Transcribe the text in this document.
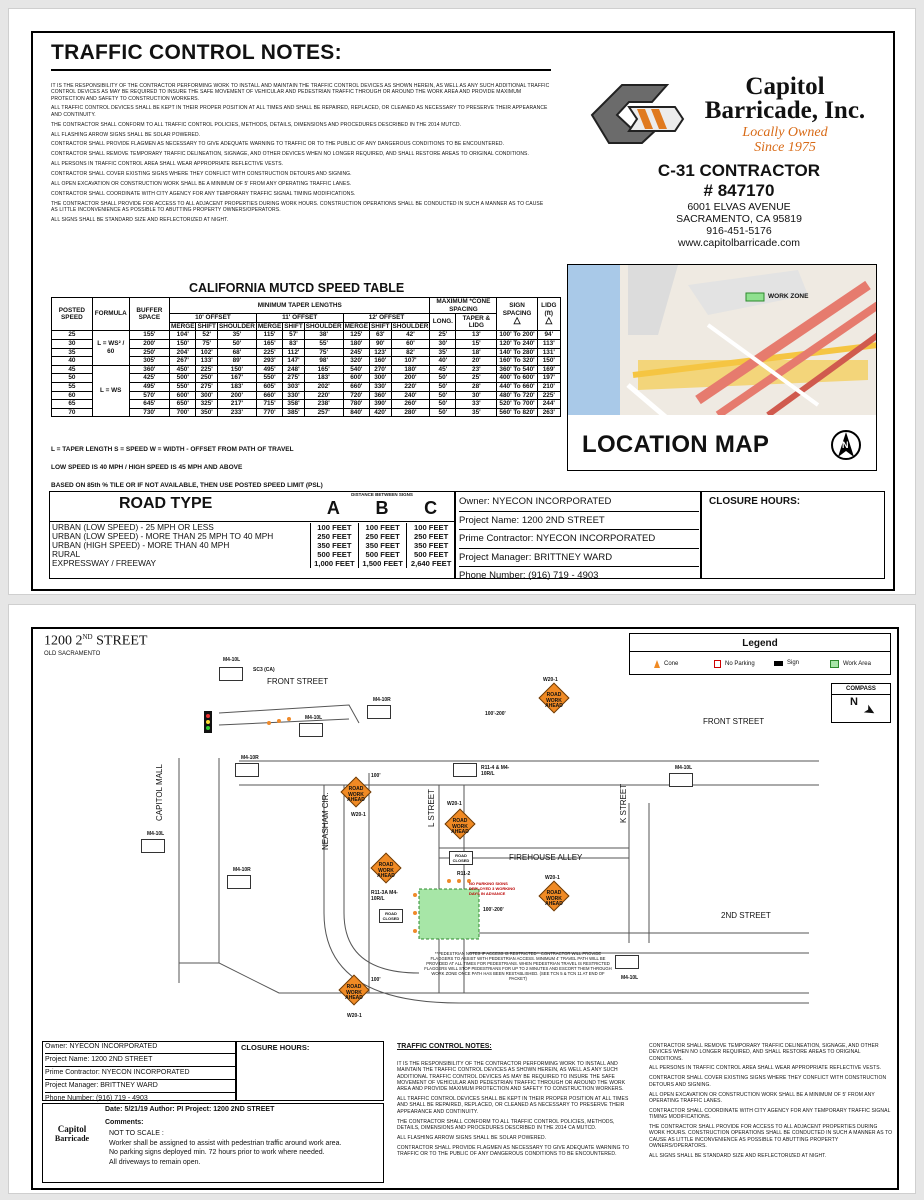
TRAFFIC CONTROL NOTES:
IT IS THE RESPONSIBILITY OF THE CONTRACTOR PERFORMING WORK TO INSTALL AND MAINTAIN THE TRAFFIC CONTROL DEVICES AS SHOWN HEREIN, AS WELL AS ANY SUCH ADDITIONAL TRAFFIC CONTROL DEVICES AS MAY BE REQUIRED TO INSURE THE SAFE MOVEMENT OF VEHICULAR AND PEDESTRIAN TRAFFIC THROUGH OR AROUND THE WORK AREA AND PROVIDE MAXIMUM PROTECTION AND SAFETY TO CONSTRUCTION WORKERS.
ALL TRAFFIC CONTROL DEVICES SHALL BE KEPT IN THEIR PROPER POSITION AT ALL TIMES AND SHALL BE REPAIRED, REPLACED, OR CLEANED AS NECESSARY TO PRESERVE THEIR APPEARANCE AND CONTINUITY.
THE CONTRACTOR SHALL CONFORM TO ALL TRAFFIC CONTROL POLICIES, METHODS, DETAILS, DIMENSIONS AND PROCEDURES DESCRIBED IN THE 2014 MUTCD.
ALL FLASHING ARROW SIGNS SHALL BE SOLAR POWERED.
CONTRACTOR SHALL PROVIDE FLAGMEN AS NECESSARY TO GIVE ADEQUATE WARNING TO TRAFFIC OR TO THE PUBLIC OF ANY DANGEROUS CONDITIONS TO BE ENCOUNTERED.
CONTRACTOR SHALL REMOVE TEMPORARY TRAFFIC DELINEATION, SIGNAGE, AND OTHER DEVICES WHEN NO LONGER REQUIRED, AND SHALL RESTORE AREAS TO ORIGINAL CONDITIONS.
ALL PERSONS IN TRAFFIC CONTROL AREA SHALL WEAR APPROPRIATE REFLECTIVE VESTS.
CONTRACTOR SHALL COVER EXISTING SIGNS WHERE THEY CONFLICT WITH CONSTRUCTION DETOURS AND SIGNING.
ALL OPEN EXCAVATION OR CONSTRUCTION WORK SHALL BE A MINIMUM OF 5' FROM ANY OPERATING TRAFFIC LANES.
CONTRACTOR SHALL COORDINATE WITH CITY AGENCY FOR ANY TEMPORARY TRAFFIC SIGNAL TIMING MODIFICATIONS.
THE CONTRACTOR SHALL PROVIDE FOR ACCESS TO ALL ADJACENT PROPERTIES DURING WORK HOURS. CONSTRUCTION OPERATIONS SHALL BE CONDUCTED IN SUCH A MANNER AS TO CAUSE AS LITTLE INCONVENIENCE AS POSSIBLE TO ABUTTING PROPERTY OWNERS/OPERATORS.
ALL SIGNS SHALL BE STANDARD SIZE AND REFLECTORIZED AT NIGHT.
Capitol
Barricade, Inc.
Locally Owned
Since 1975
C-31 CONTRACTOR
# 847170
6001 ELVAS AVENUE
SACRAMENTO, CA 95819
916-451-5176
www.capitolbarricade.com
WORK ZONE
LOCATION MAP	N
CALIFORNIA MUTCD SPEED TABLE
POSTED SPEED	FORMULA	BUFFER SPACE	MINIMUM TAPER LENGTHS									MAXIMUM *CONE SPACING		SIGN SPACING
△	LIDG (ft)
△
			10' OFFSET			11' OFFSET			12' OFFSET			LONG.	TAPER & LIDG		
			MERGE	SHIFT	SHOULDER	MERGE	SHIFT	SHOULDER	MERGE	SHIFT	SHOULDER				
25	L = WS² / 60	155'	104'	52'	35'	115'	57'	38'	125'	63'	42'	25'	13'	100' To 200'	94'
30		200'	150'	75'	50'	165'	83'	55'	180'	90'	60'	30'	15'	120' To 240'	113'
35		250'	204'	102'	68'	225'	112'	75'	245'	123'	82'	35'	18'	140' To 280'	131'
40		305'	267'	133'	89'	293'	147'	98'	320'	160'	107'	40'	20'	160' To 320'	150'
45	L = WS	360'	450'	225'	150'	495'	248'	165'	540'	270'	180'	45'	23'	360' To 540'	169'
50		425'	500'	250'	167'	550'	275'	183'	600'	300'	200'	50'	25'	400' To 600'	197'
55		495'	550'	275'	183'	605'	303'	202'	660'	330'	220'	50'	28'	440' To 660'	210'
60		570'	600'	300'	200'	660'	330'	220'	720'	360'	240'	50'	30'	480' To 720'	225'
65		645'	650'	325'	217'	715'	358'	238'	780'	390'	260'	50'	33'	520' To 700'	244'
70		730'	700'	350'	233'	770'	385'	257'	840'	420'	280'	50'	35'	560' To 820'	263'
L = TAPER LENGTH S = SPEED W = WIDTH - OFFSET FROM PATH OF TRAVEL
LOW SPEED IS 40 MPH / HIGH SPEED IS 45 MPH AND ABOVE
BASED ON 85th % TILE OR IF NOT AVAILABLE, THEN USE POSTED SPEED LIMIT (PSL)
ROAD TYPE
DISTANCE BETWEEN SIGNS
A	B	C
URBAN (LOW SPEED) - 25 MPH OR LESS	100 FEET	100 FEET	100 FEET
URBAN (LOW SPEED) - MORE THAN 25 MPH TO 40 MPH	250 FEET	250 FEET	250 FEET
URBAN (HIGH SPEED) - MORE THAN 40 MPH	350 FEET	350 FEET	350 FEET
RURAL	500 FEET	500 FEET	500 FEET
EXPRESSWAY / FREEWAY	1,000 FEET	1,500 FEET	2,640 FEET
Owner: NYECON INCORPORATED
Project Name: 1200 2ND STREET
Prime Contractor: NYECON INCORPORATED
Project Manager: BRITTNEY WARD
Phone Number: (916) 719 - 4903
CLOSURE HOURS:
1200 2ND STREET
OLD SACRAMENTO
Legend
Cone	No Parking	Sign	Work Area
COMPASS
N ➤
FRONT STREET
FRONT STREET
CAPITOL MALL	NEASHAM CIR.	L STREET	K STREET
FIREHOUSE ALLEY
2ND STREET
100'-200'
100'
100'-200'
100'
M4-10L
SC3 (CA)
M4-10R
M4-10L
M4-10R
M4-10L
M4-10R
M4-10L
M4-10L
R11-4 & M4-10R/L
R11-2
R11-3A M4-10R/L
ROAD CLOSED
ROAD CLOSED
ROAD WORK AHEAD
W20-1
ROAD WORK AHEAD
W20-1
ROAD WORK AHEAD
W20-1
ROAD WORK AHEAD
ROAD WORK AHEAD
W20-1
ROAD WORK AHEAD
W20-1
NO PARKING SIGNS DEPLOYED 3 WORKING DAYS IN ADVANCE
**PEDESTRIAN NOTES IF ACCESS IS RESTRICTED** CONTRACTOR WILL PROVIDE FLAGGERS TO ASSIST WITH PEDESTRIAN ACCESS. MINIMUM 4' TRAVEL PATH WILL BE PROVIDED AT ALL TIMES FOR PEDESTRIANS. WHEN PEDESTRIAN TRAVEL IS RESTRICTED FLAGGERS WILL STOP PEDESTRIANS FOR UP TO 2 MINUTES AND ESCORT THEM THROUGH WORK ZONE ONCE PATH HAS BEEN RESTABLISHED. (SEE TCN 5 & TCN 11 AT END OF PACKET)
Owner: NYECON INCORPORATED
Project Name: 1200 2ND STREET
Prime Contractor: NYECON INCORPORATED
Project Manager: BRITTNEY WARD
Phone Number: (916) 719 - 4903
CLOSURE HOURS:
Capitol
Barricade
Date: 5/21/19 Author: PI Project: 1200 2ND STREET
Comments:
NOT TO SCALE :
Worker shall be assigned to assist with pedestrian traffic around work area.
No parking signs deployed min. 72 hours prior to work where needed.
All driveways to remain open.
TRAFFIC CONTROL NOTES:
IT IS THE RESPONSIBILITY OF THE CONTRACTOR PERFORMING WORK TO INSTALL AND MAINTAIN THE TRAFFIC CONTROL DEVICES AS SHOWN HEREIN, AS WELL AS ANY SUCH ADDITIONAL TRAFFIC CONTROL DEVICES AS MAY BE REQUIRED TO INSURE THE SAFE MOVEMENT OF VEHICULAR AND PEDESTRIAN TRAFFIC THROUGH OR AROUND THE WORK AREA AND PROVIDE MAXIMUM PROTECTION AND SAFETY TO CONSTRUCTION WORKERS.
ALL TRAFFIC CONTROL DEVICES SHALL BE KEPT IN THEIR PROPER POSITION AT ALL TIMES AND SHALL BE REPAIRED, REPLACED, OR CLEANED AS NECESSARY TO PRESERVE THEIR APPEARANCE AND CONTINUITY.
THE CONTRACTOR SHALL CONFORM TO ALL TRAFFIC CONTROL POLICIES, METHODS, DETAILS, DIMENSIONS AND PROCEDURES DESCRIBED IN THE 2014 CA MUTCD.
ALL FLASHING ARROW SIGNS SHALL BE SOLAR POWERED.
CONTRACTOR SHALL PROVIDE FLAGMEN AS NECESSARY TO GIVE ADEQUATE WARNING TO TRAFFIC OR TO THE PUBLIC OF ANY DANGEROUS CONDITIONS TO BE ENCOUNTERED.
CONTRACTOR SHALL REMOVE TEMPORARY TRAFFIC DELINEATION, SIGNAGE, AND OTHER DEVICES WHEN NO LONGER REQUIRED, AND SHALL RESTORE AREAS TO ORIGINAL CONDITIONS.
ALL PERSONS IN TRAFFIC CONTROL AREA SHALL WEAR APPROPRIATE REFLECTIVE VESTS.
CONTRACTOR SHALL COVER EXISTING SIGNS WHERE THEY CONFLICT WITH CONSTRUCTION DETOURS AND SIGNING.
ALL OPEN EXCAVATION OR CONSTRUCTION WORK SHALL BE A MINIMUM OF 5' FROM ANY OPERATING TRAFFIC LANES.
CONTRACTOR SHALL COORDINATE WITH CITY AGENCY FOR ANY TEMPORARY TRAFFIC SIGNAL TIMING MODIFICATIONS.
THE CONTRACTOR SHALL PROVIDE FOR ACCESS TO ALL ADJACENT PROPERTIES DURING WORK HOURS. CONSTRUCTION OPERATIONS SHALL BE CONDUCTED IN SUCH A MANNER AS TO CAUSE AS LITTLE INCONVENIENCE AS POSSIBLE TO ABUTTING PROPERTY OWNERS/OPERATORS.
ALL SIGNS SHALL BE STANDARD SIZE AND REFLECTORIZED AT NIGHT.
